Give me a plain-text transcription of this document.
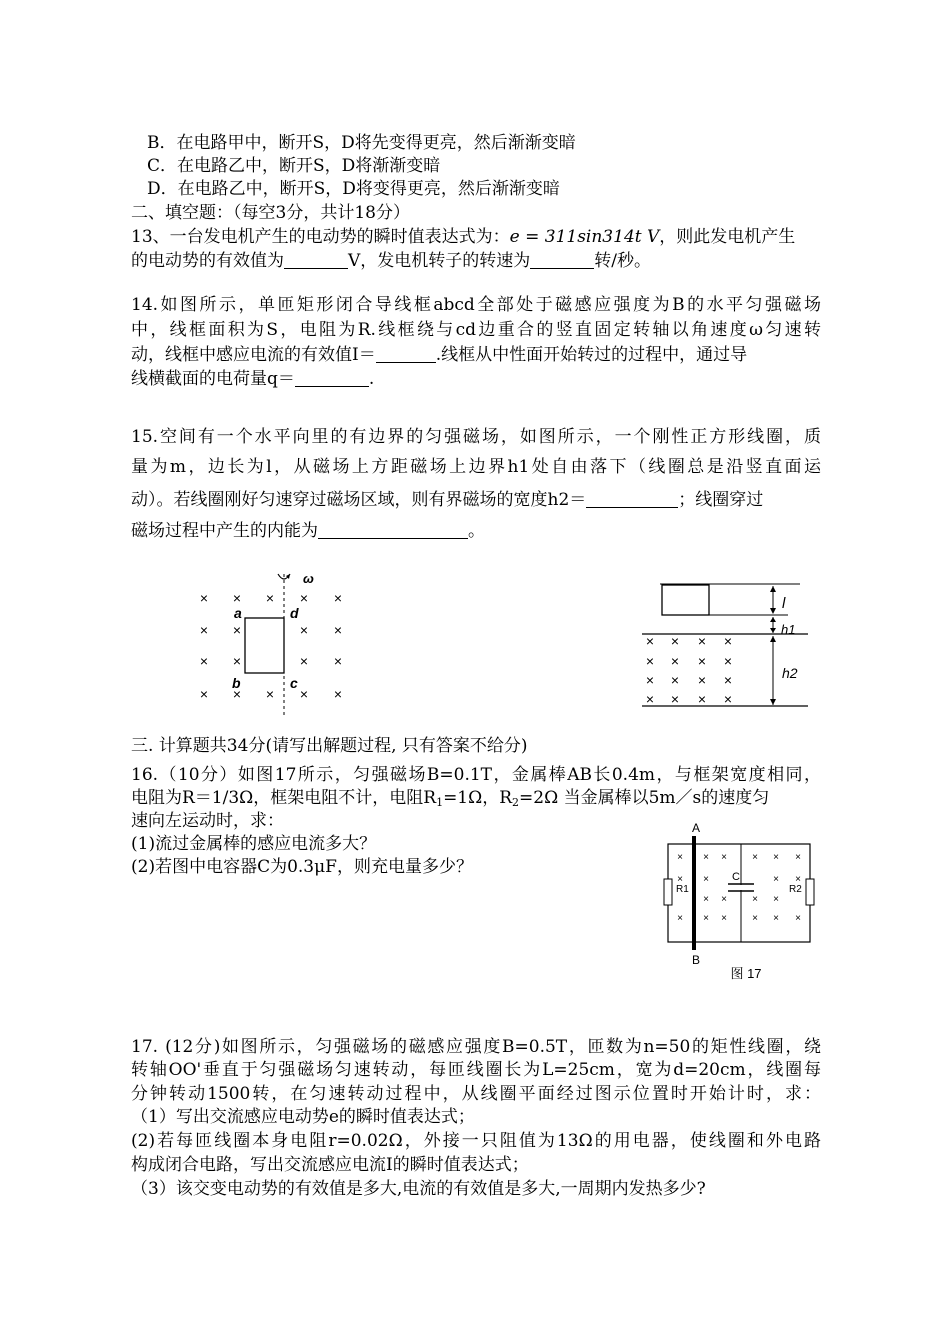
B．在电路甲中，断开S，D将先变得更亮，然后渐渐变暗
C．在电路乙中，断开S，D将渐渐变暗
D．在电路乙中，断开S，D将变得更亮，然后渐渐变暗
二、填空题：（每空3分，共计18分）
13、一台发电机产生的电动势的瞬时值表达式为：e = 311sin314t V，则此发电机产生
的电动势的有效值为	V，发电机转子的转速为	转/秒。
14.如图所示，单匝矩形闭合导线框abcd全部处于磁感应强度为B的水平匀强磁场
中，线框面积为S，电阻为R.线框绕与cd边重合的竖直固定转轴以角速度ω匀速转
动，线框中感应电流的有效值I＝	.线框从中性面开始转过的过程中，通过导
线横截面的电荷量q＝	.
15.空间有一个水平向里的有边界的匀强磁场，如图所示，一个刚性正方形线圈，质
量为m，边长为l，从磁场上方距磁场上边界h1处自由落下（线圈总是沿竖直面运
动）。若线圈刚好匀速穿过磁场区域，则有界磁场的宽度h2＝	；线圈穿过
磁场过程中产生的内能为	。
× × × × ×
× ×	× ×
× ×	× ×
× × × × ×
ω
a	d
b	c
l
h1
h2
× × × ×
× × × ×
× × × ×
× × × ×
三. 计算题共34分(请写出解题过程, 只有答案不给分)
16.（10分）如图17所示，匀强磁场B=0.1T，金属棒AB长0.4m，与框架宽度相同，
电阻为R＝1/3Ω，框架电阻不计，电阻$R_1=1\Omega$，$R_2=2\Omega$ 当金属棒以5m／s的速度匀
速向左运动时，求：
(1)流过金属棒的感应电流多大？
(2)若图中电容器C为0.3μF，则充电量多少？
A
B
C
R1	R2
× × ×	× × ×
× ×	× ×
× ×	× ×
× × ×	× × ×
图 17
17. (12分)如图所示，匀强磁场的磁感应强度B=0.5T，匝数为n=50的矩性线圈，绕
转轴OO'垂直于匀强磁场匀速转动，每匝线圈长为L=25cm，宽为d=20cm，线圈每
分钟转动1500转，在匀速转动过程中，从线圈平面经过图示位置时开始计时，求：
（1）写出交流感应电动势e的瞬时值表达式；
(2)若每匝线圈本身电阻r=0.02Ω，外接一只阻值为13Ω的用电器，使线圈和外电路
构成闭合电路，写出交流感应电流I的瞬时值表达式；
（3）该交变电动势的有效值是多大,电流的有效值是多大,一周期内发热多少?
